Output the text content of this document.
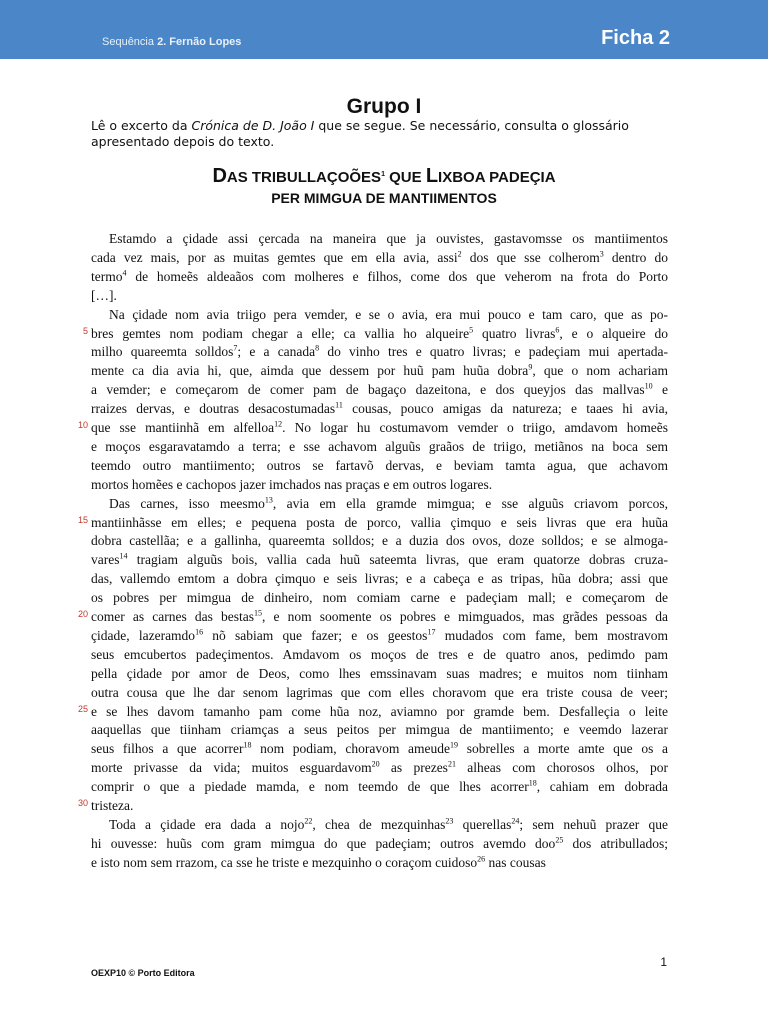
Sequência 2. Fernão Lopes	Ficha 2
Grupo I
Lê o excerto da Crónica de D. João I que se segue. Se necessário, consulta o glossário apresentado depois do texto.
DAS TRIBULLAÇOÕES$^1$ QUE LIXBOA PADEÇIA
PER MIMGUA DE MANTIIMENTOS
Estamdo a çidade assi çercada na maneira que ja ouvistes, gastavomsse os mantiimentos
cada vez mais, por as muitas gemtes que em ella avia, assi$^2$ dos que sse colherom$^3$ dentro do
termo$^4$ de homeẽs aldeaãos com molheres e filhos, come dos que veherom na frota do Porto
[…].
Na çidade nom avia triigo pera vemder, e se o avia, era mui pouco e tam caro, que as po-
bres gemtes nom podiam chegar a elle; ca vallia ho alqueire$^5$ quatro livras$^6$, e o alqueire do
5
milho quareemta solldos$^7$; e a canada$^8$ do vinho tres e quatro livras; e padeçiam mui apertada-
mente ca dia avia hi, que, aimda que dessem por huũ pam huũa dobra$^9$, que o nom achariam
a vemder; e começarom de comer pam de bagaço dazeitona, e dos queyjos das mallvas$^{10}$ e
rraizes dervas, e doutras desacostumadas$^{11}$ cousas, pouco amigas da natureza; e taaes hi avia,
que sse mantiinhã em alfelloa$^{12}$. No logar hu costumavom vemder o triigo, amdavom homeẽs
10
e moços esgaravatamdo a terra; e sse achavom alguũs graãos de triigo, metiãnos na boca sem
teemdo outro mantiimento; outros se fartavõ dervas, e beviam tamta agua, que achavom
mortos homẽes e cachopos jazer imchados nas praças e em outros logares.
Das carnes, isso meesmo$^{13}$, avia em ella gramde mimgua; e sse alguũs criavom porcos,
mantiinhãsse em elles; e pequena posta de porco, vallia çimquo e seis livras que era huũa
15
dobra castellãa; e a gallinha, quareemta solldos; e a duzia dos ovos, doze solldos; e se almoga-
vares$^{14}$ tragiam alguũs bois, vallia cada huũ sateemta livras, que eram quatorze dobras cruza-
das, vallemdo emtom a dobra çimquo e seis livras; e a cabeça e as tripas, hũa dobra; assi que
os pobres per mimgua de dinheiro, nom comiam carne e padeçiam mall; e começarom de
comer as carnes das bestas$^{15}$, e nom soomente os pobres e mimguados, mas grãdes pessoas da
20
çidade, lazeramdo$^{16}$ nõ sabiam que fazer; e os geestos$^{17}$ mudados com fame, bem mostravom
seus emcubertos padeçimentos. Amdavom os moços de tres e de quatro anos, pedimdo pam
pella çidade por amor de Deos, como lhes emssinavam suas madres; e muitos nom tiinham
outra cousa que lhe dar senom lagrimas que com elles choravom que era triste cousa de veer;
e se lhes davom tamanho pam come hũa noz, aviamno por gramde bem. Desfalleçia o leite
25
aaquellas que tiinham criamças a seus peitos per mimgua de mantiimento; e veemdo lazerar
seus filhos a que acorrer$^{18}$ nom podiam, choravom ameude$^{19}$ sobrelles a morte amte que os a
morte privasse da vida; muitos esguardavom$^{20}$ as prezes$^{21}$ alheas com chorosos olhos, por
comprir o que a piedade mamda, e nom teemdo de que lhes acorrer$^{18}$, cahiam em dobrada
tristeza.
30
Toda a çidade era dada a nojo$^{22}$, chea de mezquinhas$^{23}$ querellas$^{24}$; sem nehuũ prazer que
hi ouvesse: huũs com gram mimgua do que padeçiam; outros avemdo doo$^{25}$ dos atribullados;
e isto nom sem rrazom, ca sse he triste e mezquinho o coraçom cuidoso$^{26}$ nas cousas
OEXP10 © Porto Editora
1
